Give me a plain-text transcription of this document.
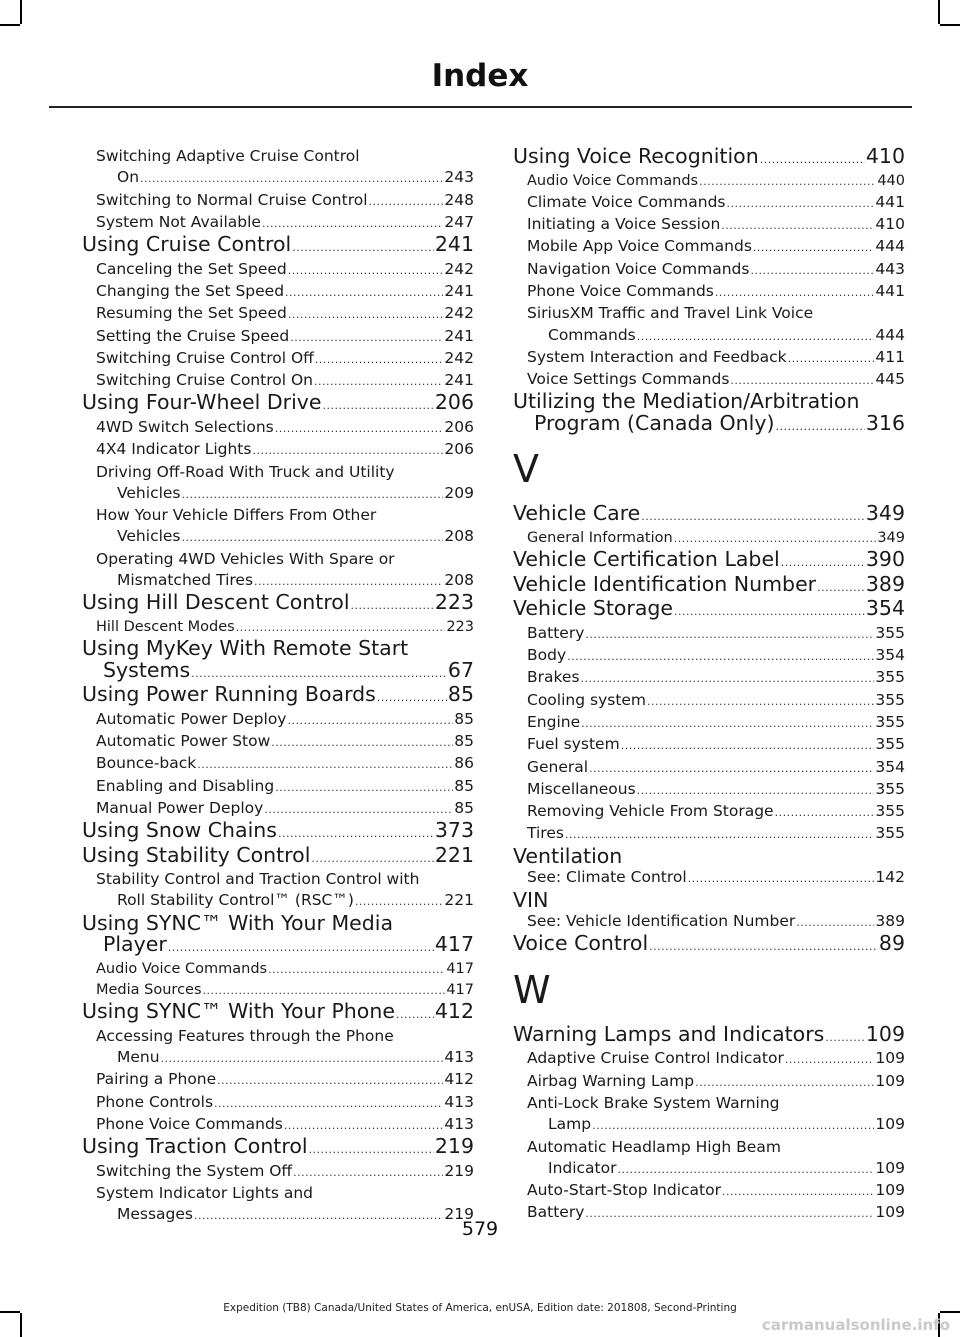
Index
Switching Adaptive Cruise Control
On .....	243
Switching to Normal Cruise Control .....	248
System Not Available .....	247
Using Cruise Control .....	241
Canceling the Set Speed .....	242
Changing the Set Speed .....	241
Resuming the Set Speed .....	242
Setting the Cruise Speed .....	241
Switching Cruise Control Off .....	242
Switching Cruise Control On .....	241
Using Four-Wheel Drive .....	206
4WD Switch Selections .....	206
4X4 Indicator Lights .....	206
Driving Off-Road With Truck and Utility
Vehicles .....	209
How Your Vehicle Differs From Other
Vehicles .....	208
Operating 4WD Vehicles With Spare or
Mismatched Tires .....	208
Using Hill Descent Control .....	223
Hill Descent Modes .....	223
Using MyKey With Remote Start
Systems .....	67
Using Power Running Boards .....	85
Automatic Power Deploy .....	85
Automatic Power Stow .....	85
Bounce-back .....	86
Enabling and Disabling .....	85
Manual Power Deploy .....	85
Using Snow Chains .....	373
Using Stability Control .....	221
Stability Control and Traction Control with
Roll Stability Control™ (RSC™) .....	221
Using SYNC™ With Your Media
Player .....	417
Audio Voice Commands .....	417
Media Sources .....	417
Using SYNC™ With Your Phone ..... 412
Accessing Features through the Phone
Menu .....	413
Pairing a Phone .....	412
Phone Controls .....	413
Phone Voice Commands .....	413
Using Traction Control .....	219
Switching the System Off .....	219
System Indicator Lights and
Messages .....	219
Using Voice Recognition .....	410
Audio Voice Commands .....	440
Climate Voice Commands .....	441
Initiating a Voice Session .....	410
Mobile App Voice Commands .....	444
Navigation Voice Commands .....	443
Phone Voice Commands .....	441
SiriusXM Traffic and Travel Link Voice
Commands .....	444
System Interaction and Feedback .....	411
Voice Settings Commands .....	445
Utilizing the Mediation/Arbitration
Program (Canada Only) .....	316
V
Vehicle Care .....	349
General Information .....	349
Vehicle Certification Label .....	390
Vehicle Identification Number ..... 389
Vehicle Storage .....	354
Battery .....	355
Body .....	354
Brakes .....	355
Cooling system .....	355
Engine .....	355
Fuel system .....	355
General .....	354
Miscellaneous .....	355
Removing Vehicle From Storage .....	355
Tires .....	355
Ventilation
See: Climate Control .....	142
VIN
See: Vehicle Identification Number .....	389
Voice Control .....	89
W
Warning Lamps and Indicators ..... 109
Adaptive Cruise Control Indicator .....	109
Airbag Warning Lamp .....	109
Anti-Lock Brake System Warning
Lamp .....	109
Automatic Headlamp High Beam
Indicator .....	109
Auto-Start-Stop Indicator .....	109
Battery .....	109
579
Expedition (TB8) Canada/United States of America, enUSA, Edition date: 201808, Second-Printing
carmanualsonline.info
